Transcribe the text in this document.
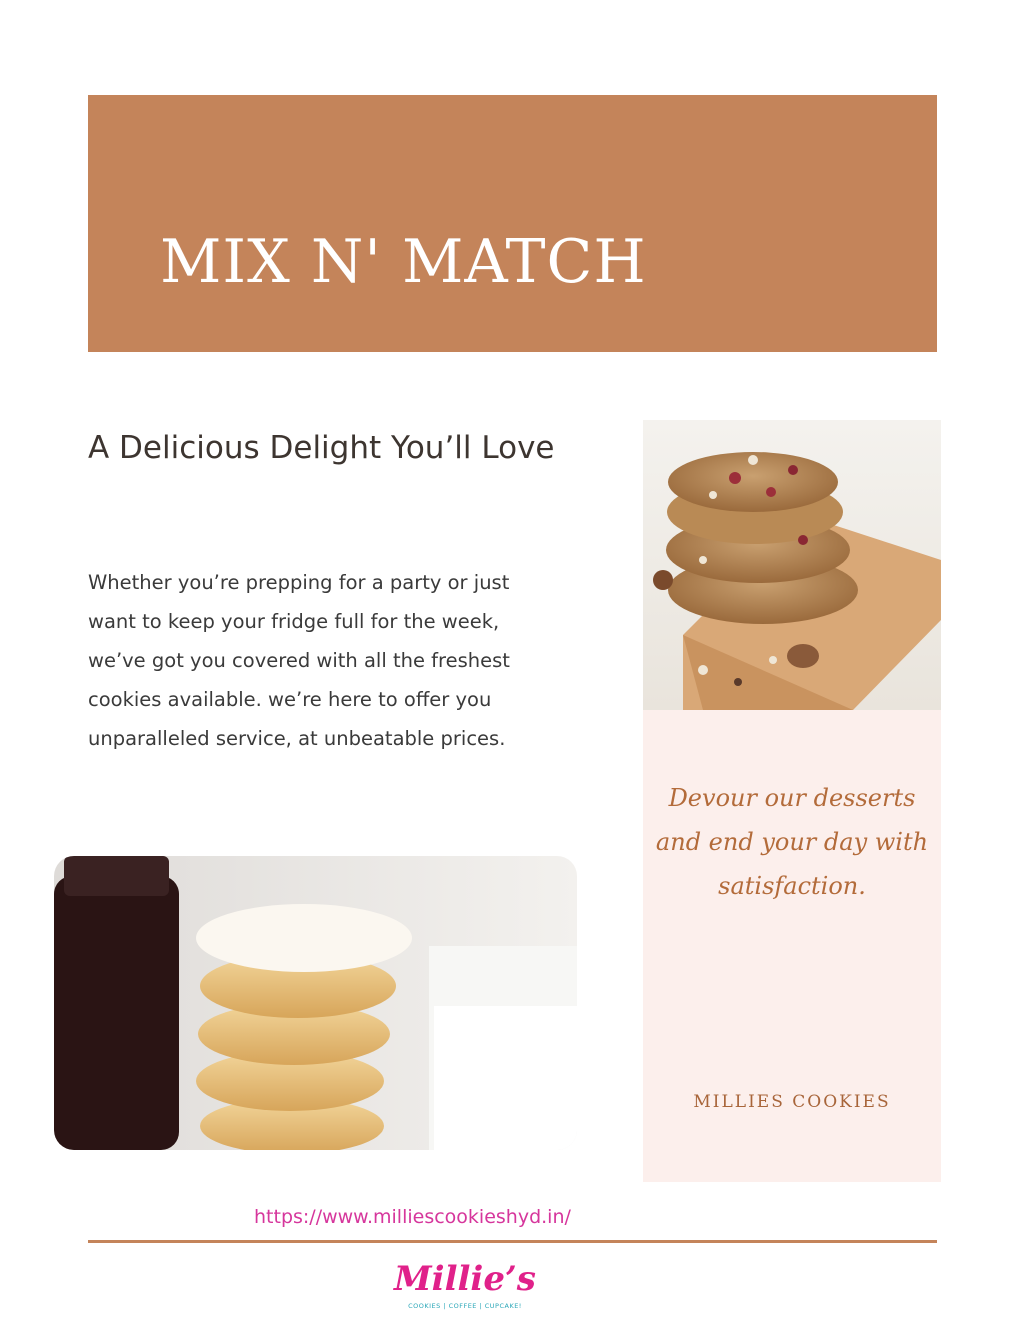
MIX N' MATCH
A Delicious Delight You’ll Love

Whether you’re prepping for a party or just want to keep your fridge full for the week, we’ve got you covered with all the freshest cookies available. we’re here to offer you unparalleled service, at unbeatable prices.

Devour our desserts and end your day with satisfaction.

MILLIES COOKIES
https://www.milliescookieshyd.in/
Millie’s
COOKIES | COFFEE | CUPCAKE!
